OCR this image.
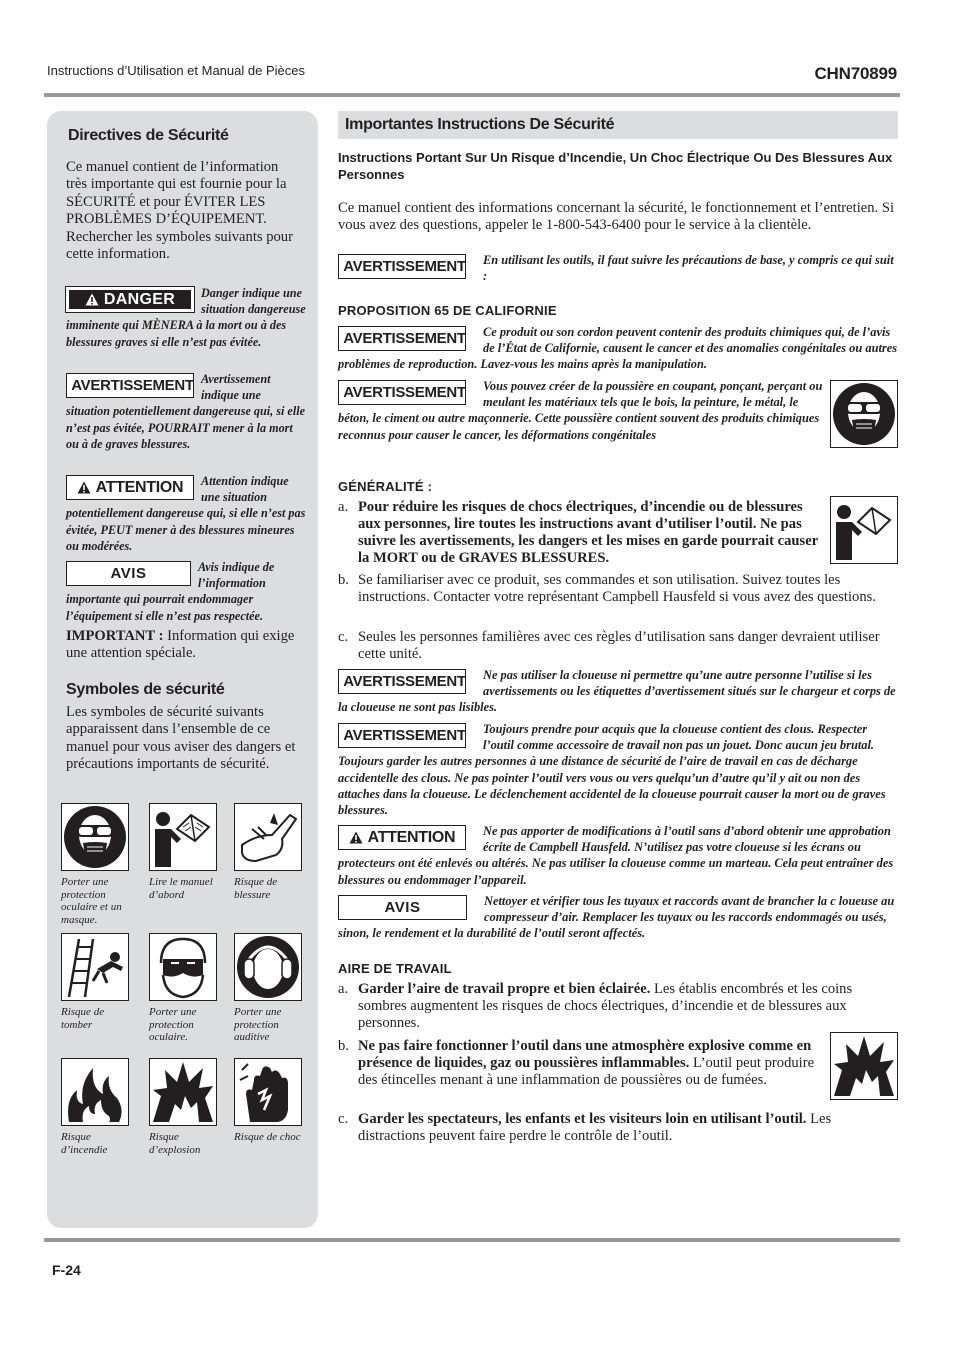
Instructions d’Utilisation et Manual de Pièces	CHN70899
Directives de Sécurité
Ce manuel contient de l’information très importante qui est fournie pour la SÉCURITÉ et pour ÉVITER LES PROBLÈMES D’ÉQUIPEMENT. Rechercher les symboles suivants pour cette information.
DANGER Danger indique une situation dangereuse imminente qui MÈNERA à la mort ou à des blessures graves si elle n’est pas évitée.
AVERTISSEMENT Avertissement indique une situation potentiellement dangereuse qui, si elle n’est pas évitée, POURRAIT mener à la mort ou à de graves blessures.
ATTENTION Attention indique une situation potentiellement dangereuse qui, si elle n’est pas évitée, PEUT mener à des blessures mineures ou modérées.
AVIS	Avis indique de l’information importante qui pourrait endommager l’équipement si elle n’est pas respectée.
IMPORTANT : Information qui exige une attention spéciale.
Symboles de sécurité
Les symboles de sécurité suivants apparaissent dans l’ensemble de ce manuel pour vous aviser des dangers et précautions importants de sécurité.
Porter une protection oculaire et un masque.
Lire le manuel d’abord
Risque de blessure
Risque de tomber
Porter une protection oculaire.
Porter une protection auditive
Risque d’incendie
Risque d’explosion
Risque de choc
Importantes Instructions De Sécurité
Instructions Portant Sur Un Risque d’Incendie, Un Choc Électrique Ou Des Blessures Aux Personnes
Ce manuel contient des informations concernant la sécurité, le fonctionnement et l’entretien. Si vous avez des questions, appeler le 1-800-543-6400 pour le service à la clientèle.
AVERTISSEMENT En utilisant les outils, il faut suivre les précautions de base, y compris ce qui suit :
PROPOSITION 65 DE CALIFORNIE
AVERTISSEMENT Ce produit ou son cordon peuvent contenir des produits chimiques qui, de l’avis de l’État de Californie, causent le cancer et des anomalies congénitales ou autres problèmes de reproduction. Lavez-vous les mains après la manipulation.
AVERTISSEMENT Vous pouvez créer de la poussière en coupant, ponçant, perçant ou meulant les matériaux tels que le bois, la peinture, le métal, le béton, le ciment ou autre maçonnerie. Cette poussière contient souvent des produits chimiques reconnus pour causer le cancer, les déformations congénitales
GÉNÉRALITÉ :
a. Pour réduire les risques de chocs électriques, d’incendie ou de blessures aux personnes, lire toutes les instructions avant d’utiliser l’outil. Ne pas suivre les avertissements, les dangers et les mises en garde pourrait causer la MORT ou de GRAVES BLESSURES.
b. Se familiariser avec ce produit, ses commandes et son utilisation. Suivez toutes les instructions. Contacter votre représentant Campbell Hausfeld si vous avez des questions.
c. Seules les personnes familières avec ces règles d’utilisation sans danger devraient utiliser cette unité.
AVERTISSEMENT Ne pas utiliser la cloueuse ni permettre qu’une autre personne l’utilise si les avertissements ou les étiquettes d’avertissement situés sur le chargeur et corps de la cloueuse ne sont pas lisibles.
AVERTISSEMENT Toujours prendre pour acquis que la cloueuse contient des clous. Respecter l’outil comme accessoire de travail non pas un jouet. Donc aucun jeu brutal. Toujours garder les autres personnes à une distance de sécurité de l’aire de travail en cas de décharge accidentelle des clous. Ne pas pointer l’outil vers vous ou vers quelqu’un d’autre qu’il y ait ou non des attaches dans la cloueuse. Le déclenchement accidentel de la cloueuse pourrait causer la mort ou de graves blessures.
ATTENTION Ne pas apporter de modifications à l’outil sans d’abord obtenir une approbation écrite de Campbell Hausfeld. N’utilisez pas votre cloueuse si les écrans ou protecteurs ont été enlevés ou altérés. Ne pas utiliser la cloueuse comme un marteau. Cela peut entraîner des blessures ou endommager l’appareil.
AVIS	Nettoyer et vérifier tous les tuyaux et raccords avant de brancher la c loueuse au compresseur d’air. Remplacer les tuyaux ou les raccords endommagés ou usés, sinon, le rendement et la durabilité de l’outil seront affectés.
AIRE DE TRAVAIL
a. Garder l’aire de travail propre et bien éclairée. Les établis encombrés et les coins sombres augmentent les risques de chocs électriques, d’incendie et de blessures aux personnes.
b. Ne pas faire fonctionner l’outil dans une atmosphère explosive comme en présence de liquides, gaz ou poussières inflammables. L’outil peut produire des étincelles menant à une inflammation de poussières ou de fumées.
c. Garder les spectateurs, les enfants et les visiteurs loin en utilisant l’outil. Les distractions peuvent faire perdre le contrôle de l’outil.
F-24
